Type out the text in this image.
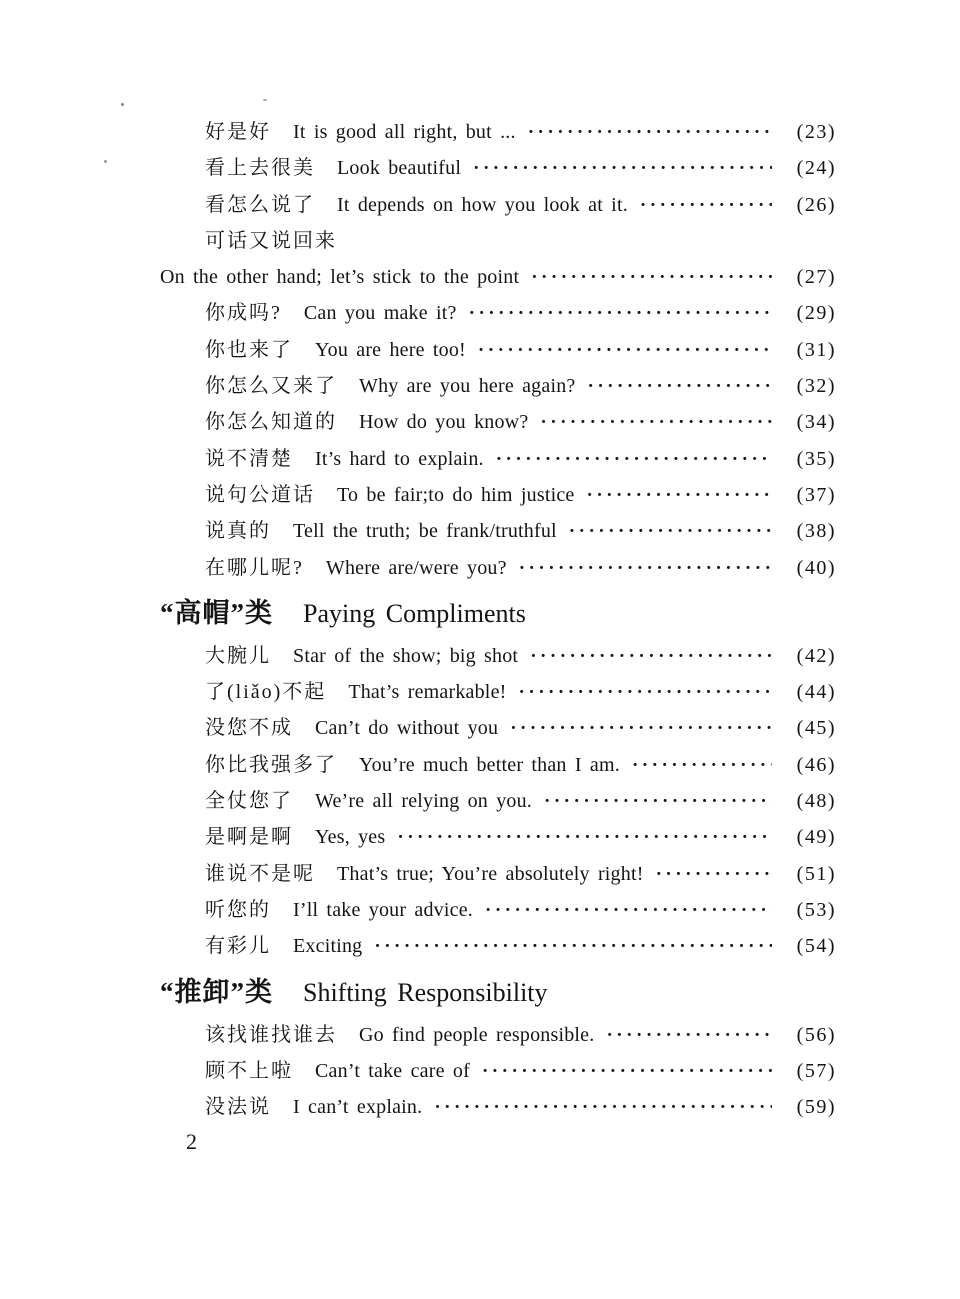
好是好 It is good all right, but ... ·····	(23)
看上去很美 Look beautiful ·····	(24)
看怎么说了 It depends on how you look at it. ·····	(26)
可话又说回来
On the other hand; let’s stick to the point ·····	(27)
你成吗? Can you make it? ·····	(29)
你也来了 You are here too! ·····	(31)
你怎么又来了 Why are you here again? ·····	(32)
你怎么知道的 How do you know? ·····	(34)
说不清楚 It’s hard to explain. ·····	(35)
说句公道话 To be fair;to do him justice ·····	(37)
说真的 Tell the truth; be frank/truthful ·····	(38)
在哪儿呢? Where are/were you? ·····	(40)
“高帽”类 Paying Compliments
大腕儿 Star of the show; big shot ·····	(42)
了(liǎo)不起 That’s remarkable! ·····	(44)
没您不成 Can’t do without you ·····	(45)
你比我强多了 You’re much better than I am. ·····	(46)
全仗您了 We’re all relying on you. ·····	(48)
是啊是啊 Yes, yes ·····	(49)
谁说不是呢 That’s true; You’re absolutely right! ·····	(51)
听您的 I’ll take your advice. ·····	(53)
有彩儿 Exciting ·····	(54)
“推卸”类 Shifting Responsibility
该找谁找谁去 Go find people responsible. ·····	(56)
顾不上啦 Can’t take care of ·····	(57)
没法说 I can’t explain. ·····	(59)
2
